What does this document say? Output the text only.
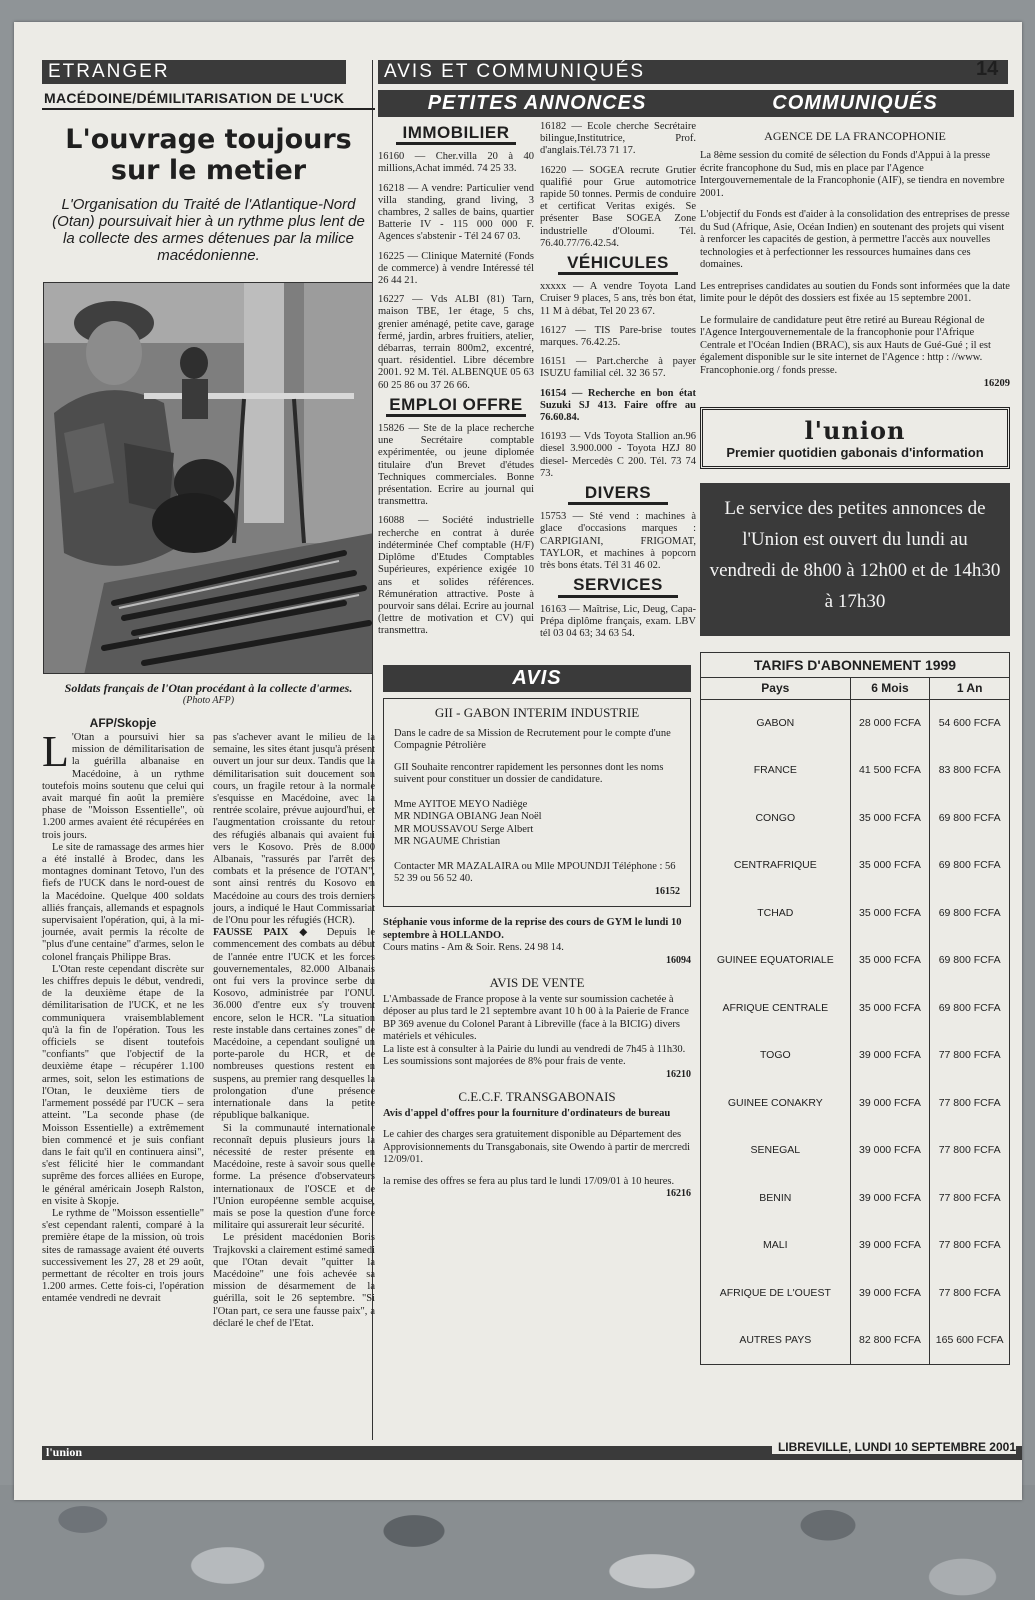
ETRANGER	AVIS ET COMMUNIQUÉS	14
MACÉDOINE/DÉMILITARISATION DE L'UCK
L'ouvrage toujours sur le metier
L'Organisation du Traité de l'Atlantique-Nord (Otan) poursuivait hier à un rythme plus lent de la collecte des armes détenues par la milice macédonienne.
Soldats français de l'Otan procédant à la collecte d'armes.
(Photo AFP)
AFP/Skopje

L 'Otan a poursuivi hier sa mission de démilitarisation de la guérilla albanaise en Macédoine, à un rythme toutefois moins soutenu que celui qui avait marqué fin août la première phase de "Moisson Essentielle", où 1.200 armes avaient été récupérées en trois jours.

Le site de ramassage des armes hier a été installé à Brodec, dans les montagnes dominant Tetovo, l'un des fiefs de l'UCK dans le nord-ouest de la Macédoine. Quelque 400 soldats alliés français, allemands et espagnols supervisaient l'opération, qui, à la mi-journée, avait permis la récolte de "plus d'une centaine" d'armes, selon le colonel français Philippe Bras.

L'Otan reste cependant discrète sur les chiffres depuis le début, vendredi, de la deuxième étape de la démilitarisation de l'UCK, et ne les communiquera vraisemblablement qu'à la fin de l'opération. Tous les officiels se disent toutefois "confiants" que l'objectif de la deuxième étape – récupérer 1.100 armes, soit, selon les estimations de l'Otan, le deuxième tiers de l'armement possédé par l'UCK – sera atteint. "La seconde phase (de Moisson Essentielle) a extrêmement bien commencé et je suis confiant dans le fait qu'il en continuera ainsi", s'est félicité hier le commandant suprême des forces alliées en Europe, le général américain Joseph Ralston, en visite à Skopje.

Le rythme de "Moisson essentielle" s'est cependant ralenti, comparé à la première étape de la mission, où trois sites de ramassage avaient été ouverts successivement les 27, 28 et 29 août, permettant de récolter en trois jours 1.200 armes. Cette fois-ci, l'opération entamée vendredi ne devrait

pas s'achever avant le milieu de la semaine, les sites étant jusqu'à présent ouvert un jour sur deux. Tandis que la démilitarisation suit doucement son cours, un fragile retour à la normale s'esquisse en Macédoine, avec la rentrée scolaire, prévue aujourd'hui, et l'augmentation croissante du retour des réfugiés albanais qui avaient fui vers le Kosovo. Près de 8.000 Albanais, "rassurés par l'arrêt des combats et la présence de l'OTAN", sont ainsi rentrés du Kosovo en Macédoine au cours des trois derniers jours, a indiqué le Haut Commissariat de l'Onu pour les réfugiés (HCR).

FAUSSE PAIX ◆ Depuis le commencement des combats au début de l'année entre l'UCK et les forces gouvernementales, 82.000 Albanais ont fui vers la province serbe du Kosovo, administrée par l'ONU. 36.000 d'entre eux s'y trouvent encore, selon le HCR. "La situation reste instable dans certaines zones" de Macédoine, a cependant souligné un porte-parole du HCR, et de nombreuses questions restent en suspens, au premier rang desquelles la prolongation d'une présence internationale dans la petite république balkanique.

Si la communauté internationale reconnaît depuis plusieurs jours la nécessité de rester présente en Macédoine, reste à savoir sous quelle forme. La présence d'observateurs internationaux de l'OSCE et de l'Union européenne semble acquise, mais se pose la question d'une force militaire qui assurerait leur sécurité.

Le président macédonien Boris Trajkovski a clairement estimé samedi que l'Otan devait "quitter la Macédoine" une fois achevée sa mission de désarmement de la guérilla, soit le 26 septembre. "Si l'Otan part, ce sera une fausse paix", a déclaré le chef de l'Etat.

PETITES ANNONCES
IMMOBILIER

16160 — Cher.villa 20 à 40 millions,Achat imméd. 74 25 33.

16218 — A vendre: Particulier vend villa standing, grand living, 3 chambres, 2 salles de bains, quartier Batterie IV - 115 000 000 F. Agences s'abstenir - Tél 24 67 03.

16225 — Clinique Maternité (Fonds de commerce) à vendre Intéressé tél 26 44 21.

16227 — Vds ALBI (81) Tarn, maison TBE, 1er étage, 5 chs, grenier aménagé, petite cave, garage fermé, jardin, arbres fruitiers, atelier, débarras, terrain 800m2, excentré, quart. résidentiel. Libre décembre 2001. 92 M. Tél. ALBENQUE 05 63 60 25 86 ou 37 26 66.

EMPLOI OFFRE

15826 — Ste de la place recherche une Secrétaire comptable expérimentée, ou jeune diplomée titulaire d'un Brevet d'études Techniques commerciales. Bonne présentation. Ecrire au journal qui transmettra.

16088 — Société industrielle recherche en contrat à durée indéterminée Chef comptable (H/F) Diplôme d'Etudes Comptables Supérieures, expérience exigée 10 ans et solides références. Rémunération attractive. Poste à pourvoir sans délai. Ecrire au journal (lettre de motivation et CV) qui transmettra.

16182 — Ecole cherche Secrétaire bilingue,Institutrice, Prof. d'anglais.Tél.73 71 17.

16220 — SOGEA recrute Grutier qualifié pour Grue automotrice rapide 50 tonnes. Permis de conduire et certificat Veritas exigés. Se présenter Base SOGEA Zone industrielle d'Oloumi. Tél. 76.40.77/76.42.54.

VÉHICULES

xxxxx — A vendre Toyota Land Cruiser 9 places, 5 ans, très bon état, 11 M à débat, Tel 20 23 67.

16127 — TIS Pare-brise toutes marques. 76.42.25.

16151 — Part.cherche à payer ISUZU familial cél. 32 36 57.

16154 — Recherche en bon état Suzuki SJ 413. Faire offre au 76.60.84.

16193 — Vds Toyota Stallion an.96 diesel 3.900.000 - Toyota HZJ 80 diesel- Mercedès C 200. Tél. 73 74 73.

DIVERS

15753 — Sté vend : machines à glace d'occasions marques : CARPIGIANI, FRIGOMAT, TAYLOR, et machines à popcorn très bons états. Tél 31 46 02.

SERVICES

16163 — Maîtrise, Lic, Deug, Capa-Prépa diplôme français, exam. LBV tél 03 04 63; 34 63 54.

AVIS
GII - GABON INTERIM INDUSTRIE

Dans le cadre de sa Mission de Recrutement pour le compte d'une Compagnie Pétrolière

GII Souhaite rencontrer rapidement les personnes dont les noms suivent pour constituer un dossier de candidature.

Mme AYITOE MEYO Nadiège

MR NDINGA OBIANG Jean Noël

MR MOUSSAVOU Serge Albert

MR NGAUME Christian

Contacter MR MAZALAIRA ou Mlle MPOUNDJI Téléphone : 56 52 39 ou 56 52 40.

16152

Stéphanie vous informe de la reprise des cours de GYM le lundi 10 septembre à HOLLANDO.

Cours matins - Am & Soir. Rens. 24 98 14.

16094

AVIS DE VENTE

L'Ambassade de France propose à la vente sur soumission cachetée à déposer au plus tard le 21 septembre avant 10 h 00 à la Paierie de France BP 369 avenue du Colonel Parant à Libreville (face à la BICIG) divers matériels et véhicules.

La liste est à consulter à la Pairie du lundi au vendredi de 7h45 à 11h30.

Les soumissions sont majorées de 8% pour frais de vente.

16210

C.E.C.F. TRANSGABONAIS

Avis d'appel d'offres pour la fourniture d'ordinateurs de bureau

Le cahier des charges sera gratuitement disponible au Département des Approvisionnements du Transgabonais, site Owendo à partir de mercredi 12/09/01.

la remise des offres se fera au plus tard le lundi 17/09/01 à 10 heures.

16216

COMMUNIQUÉS
AGENCE DE LA FRANCOPHONIE

La 8ème session du comité de sélection du Fonds d'Appui à la presse écrite francophone du Sud, mis en place par l'Agence Intergouvernementale de la Francophonie (AIF), se tiendra en novembre 2001.

L'objectif du Fonds est d'aider à la consolidation des entreprises de presse du Sud (Afrique, Asie, Océan Indien) en soutenant des projets qui visent à renforcer les capacités de gestion, à permettre l'accès aux nouvelles technologies et à perfectionner les ressources humaines dans ces domaines.

Les entreprises candidates au soutien du Fonds sont informées que la date limite pour le dépôt des dossiers est fixée au 15 septembre 2001.

Le formulaire de candidature peut être retiré au Bureau Régional de l'Agence Intergouvernementale de la francophonie pour l'Afrique Centrale et l'Océan Indien (BRAC), sis aux Hauts de Gué-Gué ; il est également disponible sur le site internet de l'Agence : http : //www. Francophonie.org / fonds presse.

16209

l'union
Premier quotidien gabonais d'information
Le service des petites annonces de l'Union est ouvert du lundi au vendredi de 8h00 à 12h00 et de 14h30 à 17h30
TARIFS D'ABONNEMENT 1999
Pays	6 Mois	1 An
GABON	28 000 FCFA	54 600 FCFA
FRANCE	41 500 FCFA	83 800 FCFA
CONGO	35 000 FCFA	69 800 FCFA
CENTRAFRIQUE	35 000 FCFA	69 800 FCFA
TCHAD	35 000 FCFA	69 800 FCFA
GUINEE EQUATORIALE	35 000 FCFA	69 800 FCFA
AFRIQUE CENTRALE	35 000 FCFA	69 800 FCFA
TOGO	39 000 FCFA	77 800 FCFA
GUINEE CONAKRY	39 000 FCFA	77 800 FCFA
SENEGAL	39 000 FCFA	77 800 FCFA
BENIN	39 000 FCFA	77 800 FCFA
MALI	39 000 FCFA	77 800 FCFA
AFRIQUE DE L'OUEST	39 000 FCFA	77 800 FCFA
AUTRES PAYS	82 800 FCFA	165 600 FCFA
l'union	LIBREVILLE, LUNDI 10 SEPTEMBRE 2001
